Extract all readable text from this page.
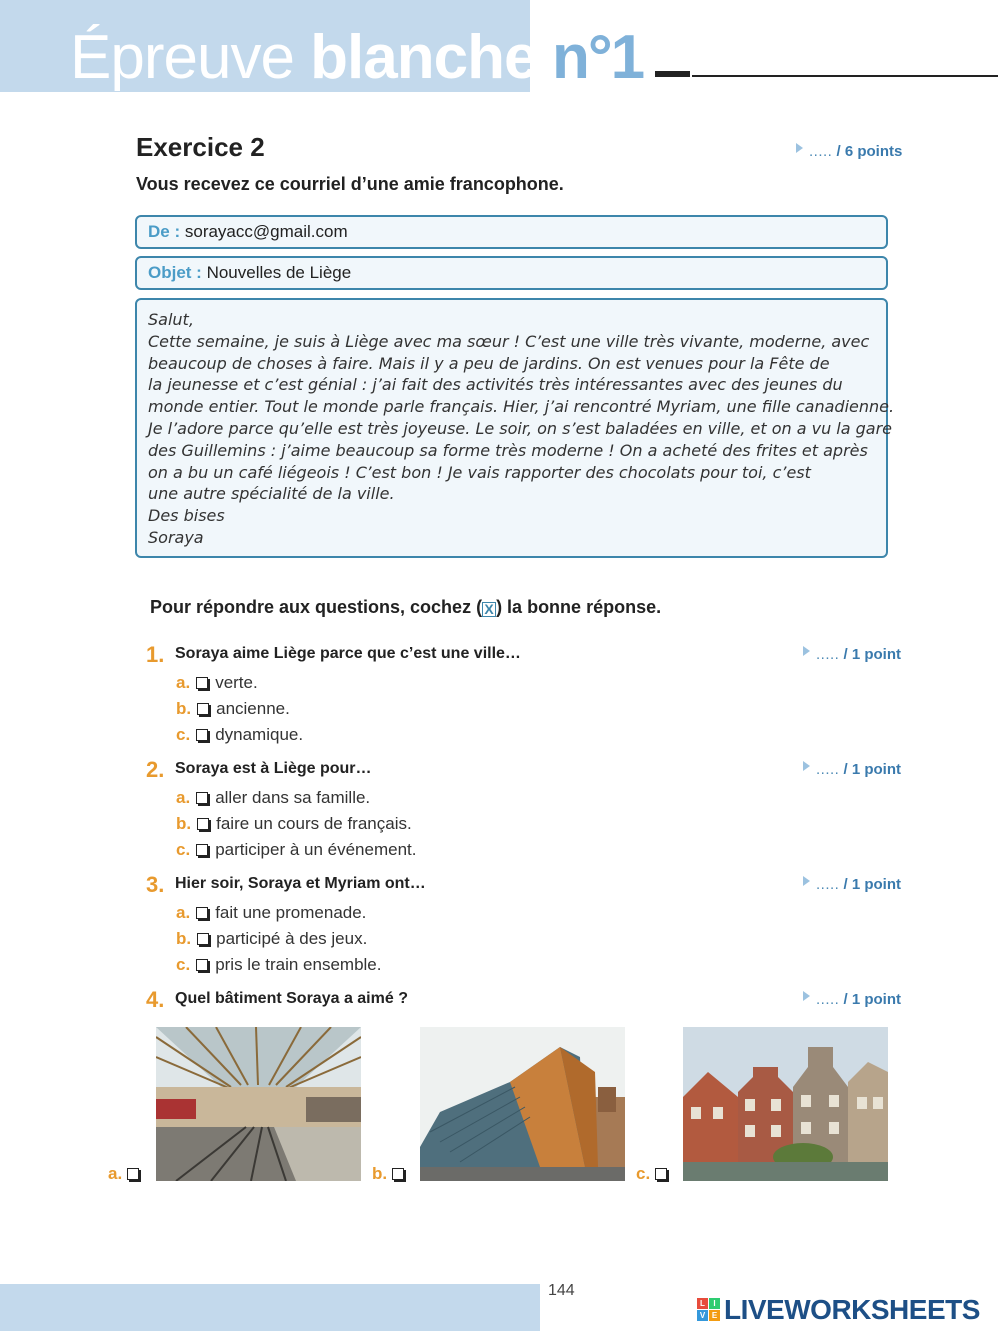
Épreuve blanche n°1
Exercice 2	..... / 6 points
Vous recevez ce courriel d’une amie francophone.
De : sorayacc@gmail.com
Objet : Nouvelles de Liège
Salut,
Cette semaine, je suis à Liège avec ma sœur ! C’est une ville très vivante, moderne, avec
beaucoup de choses à faire. Mais il y a peu de jardins. On est venues pour la Fête de
la jeunesse et c’est génial : j’ai fait des activités très intéressantes avec des jeunes du
monde entier. Tout le monde parle français. Hier, j’ai rencontré Myriam, une fille canadienne.
Je l’adore parce qu’elle est très joyeuse. Le soir, on s’est baladées en ville, et on a vu la gare
des Guillemins : j’aime beaucoup sa forme très moderne ! On a acheté des frites et après
on a bu un café liégeois ! C’est bon ! Je vais rapporter des chocolats pour toi, c’est
une autre spécialité de la ville.
Des bises
Soraya
Pour répondre aux questions, cochez ( X ) la bonne réponse.
1. Soraya aime Liège parce que c’est une ville…	..... / 1 point
a. verte.
b. ancienne.
c. dynamique.
2. Soraya est à Liège pour…	..... / 1 point
a. aller dans sa famille.
b. faire un cours de français.
c. participer à un événement.
3. Hier soir, Soraya et Myriam ont…	..... / 1 point
a. fait une promenade.
b. participé à des jeux.
c. pris le train ensemble.
4. Quel bâtiment Soraya a aimé ?	..... / 1 point
a.	b.	c.
144
L	I
V E LIVEWORKSHEETS
